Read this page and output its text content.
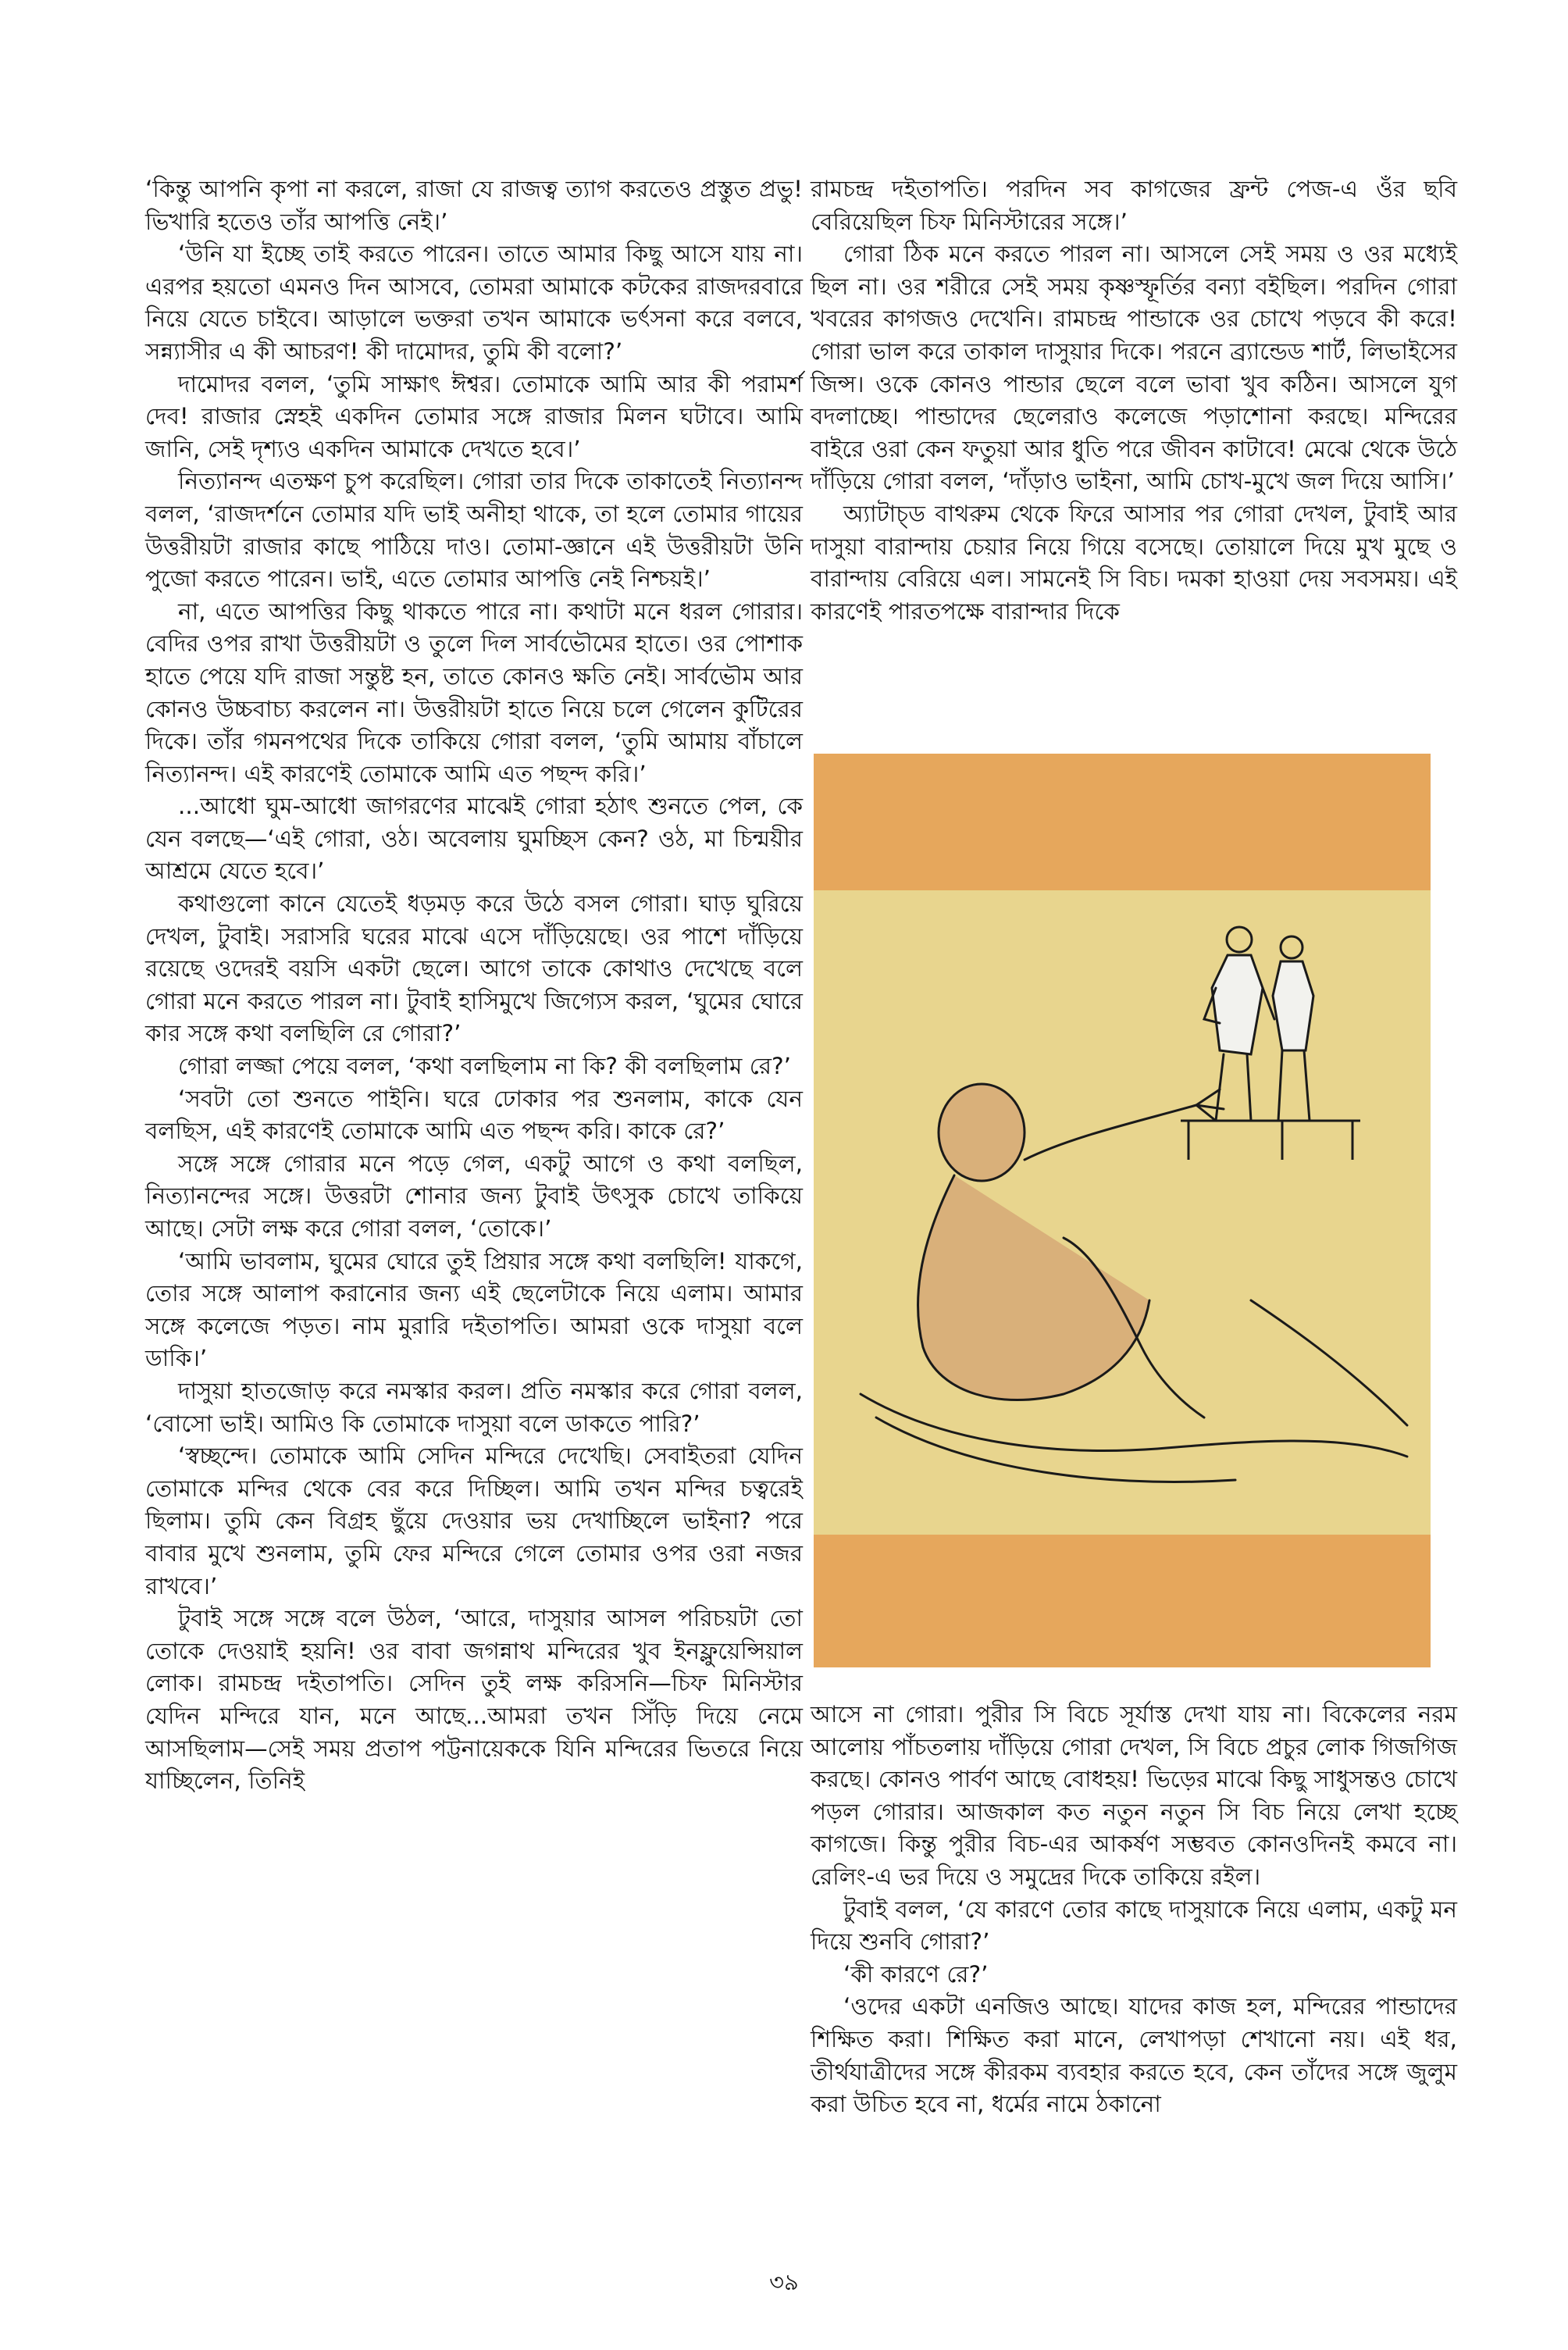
‘কিন্তু আপনি কৃপা না করলে, রাজা যে রাজত্ব ত্যাগ করতেও প্রস্তুত প্রভু! ভিখারি হতেও তাঁর আপত্তি নেই।’

‘উনি যা ইচ্ছে তাই করতে পারেন। তাতে আমার কিছু আসে যায় না। এরপর হয়তো এমনও দিন আসবে, তোমরা আমাকে কটকের রাজদরবারে নিয়ে যেতে চাইবে। আড়ালে ভক্তরা তখন আমাকে ভর্ৎসনা করে বলবে, সন্ন্যাসীর এ কী আচরণ! কী দামোদর, তুমি কী বলো?’

দামোদর বলল, ‘তুমি সাক্ষাৎ ঈশ্বর। তোমাকে আমি আর কী পরামর্শ দেব! রাজার স্নেহই একদিন তোমার সঙ্গে রাজার মিলন ঘটাবে। আমি জানি, সেই দৃশ্যও একদিন আমাকে দেখতে হবে।’

নিত্যানন্দ এতক্ষণ চুপ করেছিল। গোরা তার দিকে তাকাতেই নিত্যানন্দ বলল, ‘রাজদর্শনে তোমার যদি ভাই অনীহা থাকে, তা হলে তোমার গায়ের উত্তরীয়টা রাজার কাছে পাঠিয়ে দাও। তোমা-জ্ঞানে এই উত্তরীয়টা উনি পুজো করতে পারেন। ভাই, এতে তোমার আপত্তি নেই নিশ্চয়ই।’

না, এতে আপত্তির কিছু থাকতে পারে না। কথাটা মনে ধরল গোরার। বেদির ওপর রাখা উত্তরীয়টা ও তুলে দিল সার্বভৌমের হাতে। ওর পোশাক হাতে পেয়ে যদি রাজা সন্তুষ্ট হন, তাতে কোনও ক্ষতি নেই। সার্বভৌম আর কোনও উচ্চবাচ্য করলেন না। উত্তরীয়টা হাতে নিয়ে চলে গেলেন কুটিরের দিকে। তাঁর গমনপথের দিকে তাকিয়ে গোরা বলল, ‘তুমি আমায় বাঁচালে নিত্যানন্দ। এই কারণেই তোমাকে আমি এত পছন্দ করি।’

...আধো ঘুম-আধো জাগরণের মাঝেই গোরা হঠাৎ শুনতে পেল, কে যেন বলছে—‘এই গোরা, ওঠ। অবেলায় ঘুমচ্ছিস কেন? ওঠ, মা চিন্ময়ীর আশ্রমে যেতে হবে।’

কথাগুলো কানে যেতেই ধড়মড় করে উঠে বসল গোরা। ঘাড় ঘুরিয়ে দেখল, টুবাই। সরাসরি ঘরের মাঝে এসে দাঁড়িয়েছে। ওর পাশে দাঁড়িয়ে রয়েছে ওদেরই বয়সি একটা ছেলে। আগে তাকে কোথাও দেখেছে বলে গোরা মনে করতে পারল না। টুবাই হাসিমুখে জিগ্যেস করল, ‘ঘুমের ঘোরে কার সঙ্গে কথা বলছিলি রে গোরা?’

গোরা লজ্জা পেয়ে বলল, ‘কথা বলছিলাম না কি? কী বলছিলাম রে?’

‘সবটা তো শুনতে পাইনি। ঘরে ঢোকার পর শুনলাম, কাকে যেন বলছিস, এই কারণেই তোমাকে আমি এত পছন্দ করি। কাকে রে?’

সঙ্গে সঙ্গে গোরার মনে পড়ে গেল, একটু আগে ও কথা বলছিল, নিত্যানন্দের সঙ্গে। উত্তরটা শোনার জন্য টুবাই উৎসুক চোখে তাকিয়ে আছে। সেটা লক্ষ করে গোরা বলল, ‘তোকে।’

‘আমি ভাবলাম, ঘুমের ঘোরে তুই প্রিয়ার সঙ্গে কথা বলছিলি! যাকগে, তোর সঙ্গে আলাপ করানোর জন্য এই ছেলেটাকে নিয়ে এলাম। আমার সঙ্গে কলেজে পড়ত। নাম মুরারি দইতাপতি। আমরা ওকে দাসুয়া বলে ডাকি।’

দাসুয়া হাতজোড় করে নমস্কার করল। প্রতি নমস্কার করে গোরা বলল, ‘বোসো ভাই। আমিও কি তোমাকে দাসুয়া বলে ডাকতে পারি?’

‘স্বচ্ছন্দে। তোমাকে আমি সেদিন মন্দিরে দেখেছি। সেবাইতরা যেদিন তোমাকে মন্দির থেকে বের করে দিচ্ছিল। আমি তখন মন্দির চত্বরেই ছিলাম। তুমি কেন বিগ্রহ ছুঁয়ে দেওয়ার ভয় দেখাচ্ছিলে ভাইনা? পরে বাবার মুখে শুনলাম, তুমি ফের মন্দিরে গেলে তোমার ওপর ওরা নজর রাখবে।’

টুবাই সঙ্গে সঙ্গে বলে উঠল, ‘আরে, দাসুয়ার আসল পরিচয়টা তো তোকে দেওয়াই হয়নি! ওর বাবা জগন্নাথ মন্দিরের খুব ইনফ্লুয়েন্সিয়াল লোক। রামচন্দ্র দইতাপতি। সেদিন তুই লক্ষ করিসনি—চিফ মিনিস্টার যেদিন মন্দিরে যান, মনে আছে...আমরা তখন সিঁড়ি দিয়ে নেমে আসছিলাম—সেই সময় প্রতাপ পট্টনায়েককে যিনি মন্দিরের ভিতরে নিয়ে যাচ্ছিলেন, তিনিই

রামচন্দ্র দইতাপতি। পরদিন সব কাগজের ফ্রন্ট পেজ-এ ওঁর ছবি বেরিয়েছিল চিফ মিনিস্টারের সঙ্গে।’

গোরা ঠিক মনে করতে পারল না। আসলে সেই সময় ও ওর মধ্যেই ছিল না। ওর শরীরে সেই সময় কৃষ্ণস্ফূর্তির বন্যা বইছিল। পরদিন গোরা খবরের কাগজও দেখেনি। রামচন্দ্র পান্ডাকে ওর চোখে পড়বে কী করে! গোরা ভাল করে তাকাল দাসুয়ার দিকে। পরনে ব্র্যান্ডেড শার্ট, লিভাইসের জিন্স। ওকে কোনও পান্ডার ছেলে বলে ভাবা খুব কঠিন। আসলে যুগ বদলাচ্ছে। পান্ডাদের ছেলেরাও কলেজে পড়াশোনা করছে। মন্দিরের বাইরে ওরা কেন ফতুয়া আর ধুতি পরে জীবন কাটাবে! মেঝে থেকে উঠে দাঁড়িয়ে গোরা বলল, ‘দাঁড়াও ভাইনা, আমি চোখ-মুখে জল দিয়ে আসি।’

অ্যাটাচ্‌ড বাথরুম থেকে ফিরে আসার পর গোরা দেখল, টুবাই আর দাসুয়া বারান্দায় চেয়ার নিয়ে গিয়ে বসেছে। তোয়ালে দিয়ে মুখ মুছে ও বারান্দায় বেরিয়ে এল। সামনেই সি বিচ। দমকা হাওয়া দেয় সবসময়। এই কারণেই পারতপক্ষে বারান্দার দিকে

আসে না গোরা। পুরীর সি বিচে সূর্যাস্ত দেখা যায় না। বিকেলের নরম আলোয় পাঁচতলায় দাঁড়িয়ে গোরা দেখল, সি বিচে প্রচুর লোক গিজগিজ করছে। কোনও পার্বণ আছে বোধহয়! ভিড়ের মাঝে কিছু সাধুসন্তও চোখে পড়ল গোরার। আজকাল কত নতুন নতুন সি বিচ নিয়ে লেখা হচ্ছে কাগজে। কিন্তু পুরীর বিচ-এর আকর্ষণ সম্ভবত কোনওদিনই কমবে না। রেলিং-এ ভর দিয়ে ও সমুদ্রের দিকে তাকিয়ে রইল।

টুবাই বলল, ‘যে কারণে তোর কাছে দাসুয়াকে নিয়ে এলাম, একটু মন দিয়ে শুনবি গোরা?’

‘কী কারণে রে?’

‘ওদের একটা এনজিও আছে। যাদের কাজ হল, মন্দিরের পান্ডাদের শিক্ষিত করা। শিক্ষিত করা মানে, লেখাপড়া শেখানো নয়। এই ধর, তীর্থযাত্রীদের সঙ্গে কীরকম ব্যবহার করতে হবে, কেন তাঁদের সঙ্গে জুলুম করা উচিত হবে না, ধর্মের নামে ঠকানো

৩৯
